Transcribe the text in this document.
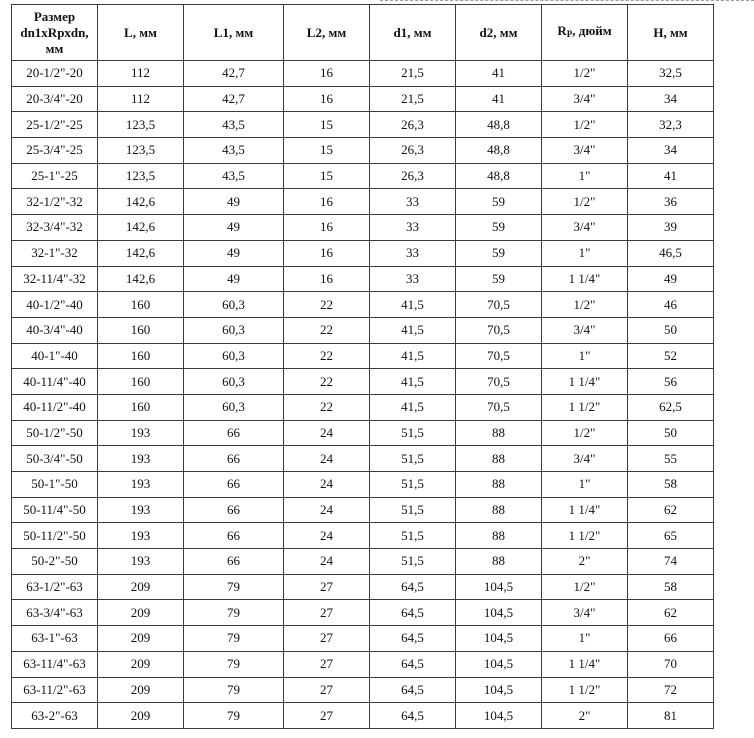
Размер
dn1xRpxdn,
мм	L, мм	L1, мм	L2, мм	d1, мм	d2, мм	$R_P$, дюйм	H, мм
20-1/2"-20	112	42,7	16	21,5	41	1/2"	32,5
20-3/4"-20	112	42,7	16	21,5	41	3/4"	34
25-1/2"-25	123,5	43,5	15	26,3	48,8	1/2"	32,3
25-3/4"-25	123,5	43,5	15	26,3	48,8	3/4"	34
25-1"-25	123,5	43,5	15	26,3	48,8	1"	41
32-1/2"-32	142,6	49	16	33	59	1/2"	36
32-3/4"-32	142,6	49	16	33	59	3/4"	39
32-1"-32	142,6	49	16	33	59	1"	46,5
32-11/4"-32	142,6	49	16	33	59	1 1/4"	49
40-1/2"-40	160	60,3	22	41,5	70,5	1/2"	46
40-3/4"-40	160	60,3	22	41,5	70,5	3/4"	50
40-1"-40	160	60,3	22	41,5	70,5	1"	52
40-11/4"-40	160	60,3	22	41,5	70,5	1 1/4"	56
40-11/2"-40	160	60,3	22	41,5	70,5	1 1/2"	62,5
50-1/2"-50	193	66	24	51,5	88	1/2"	50
50-3/4"-50	193	66	24	51,5	88	3/4"	55
50-1"-50	193	66	24	51,5	88	1"	58
50-11/4"-50	193	66	24	51,5	88	1 1/4"	62
50-11/2"-50	193	66	24	51,5	88	1 1/2"	65
50-2"-50	193	66	24	51,5	88	2"	74
63-1/2"-63	209	79	27	64,5	104,5	1/2"	58
63-3/4"-63	209	79	27	64,5	104,5	3/4"	62
63-1"-63	209	79	27	64,5	104,5	1"	66
63-11/4"-63	209	79	27	64,5	104,5	1 1/4"	70
63-11/2"-63	209	79	27	64,5	104,5	1 1/2"	72
63-2"-63	209	79	27	64,5	104,5	2"	81
